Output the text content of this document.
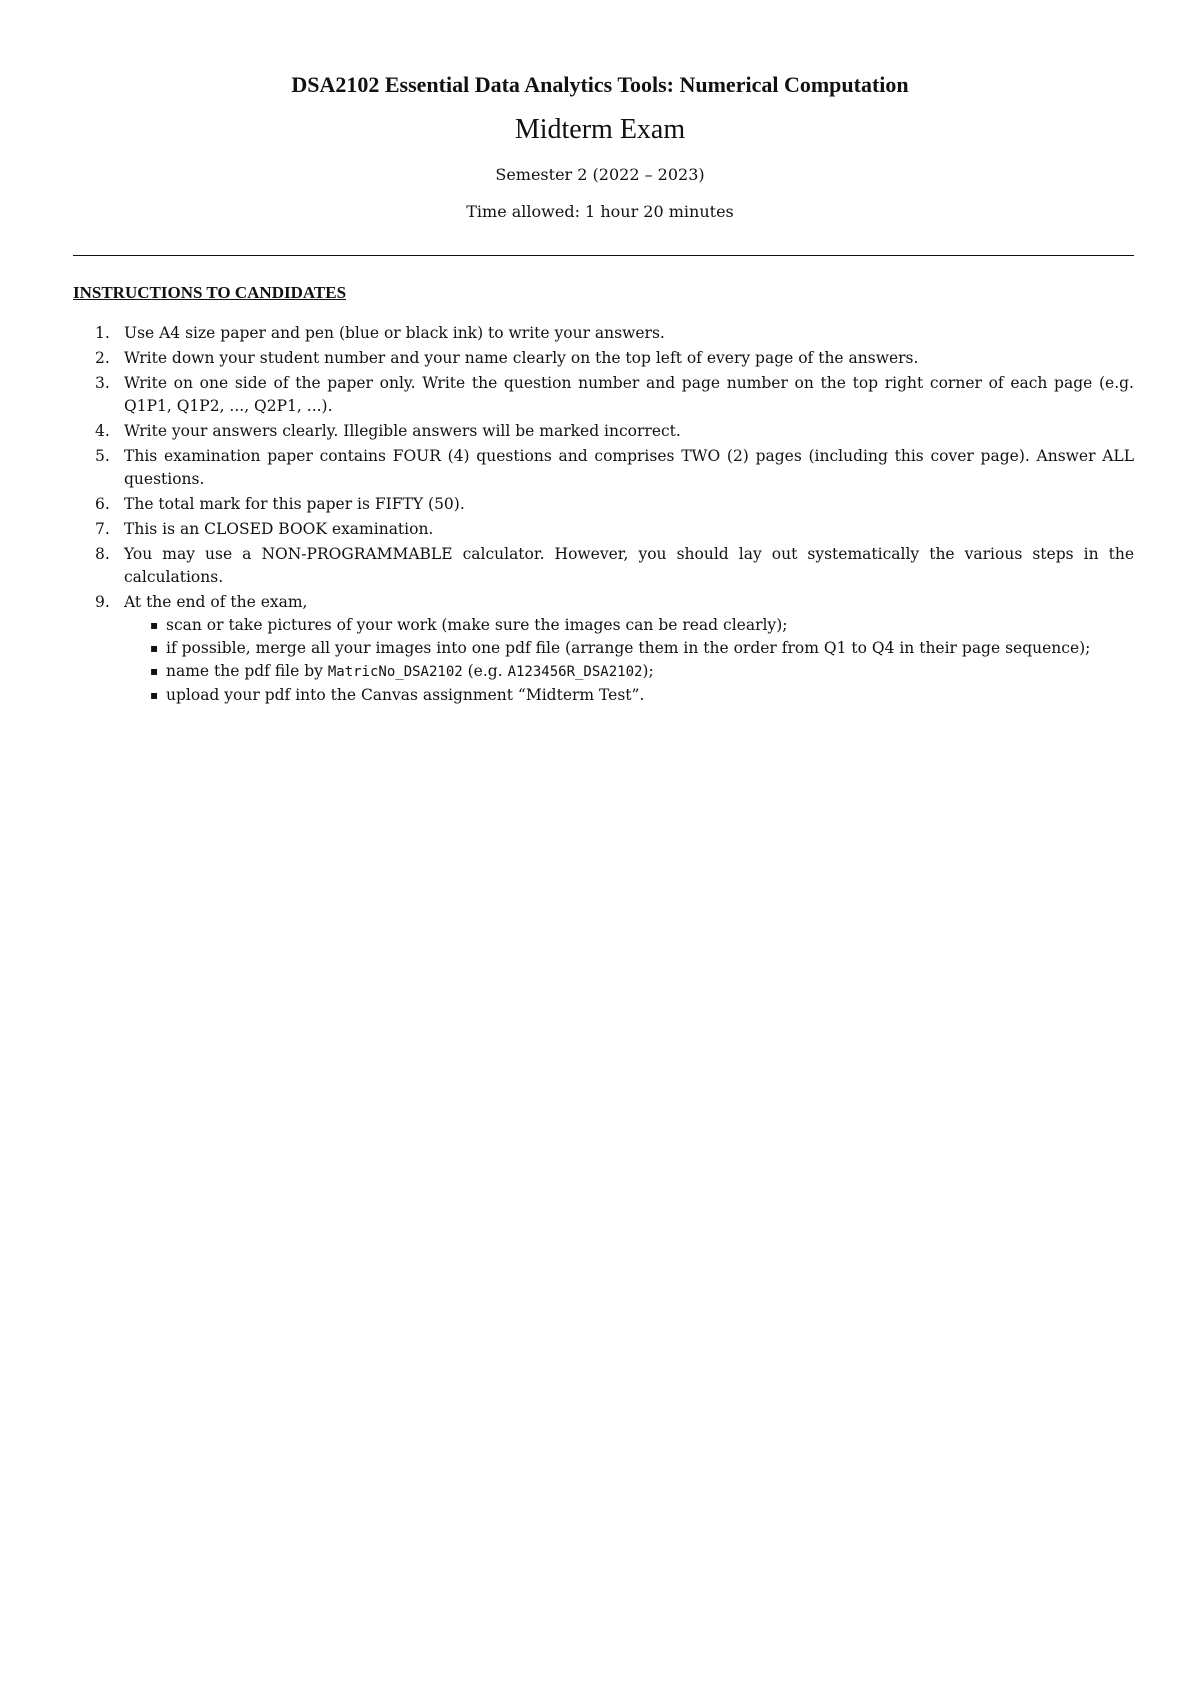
DSA2102 Essential Data Analytics Tools: Numerical Computation
Midterm Exam
Semester 2 (2022 – 2023)
Time allowed: 1 hour 20 minutes
INSTRUCTIONS TO CANDIDATES
1. Use A4 size paper and pen (blue or black ink) to write your answers.
2. Write down your student number and your name clearly on the top left of every page of the answers.
3. Write on one side of the paper only. Write the question number and page number on the top right corner of each page (e.g. Q1P1, Q1P2, ..., Q2P1, ...).
4. Write your answers clearly. Illegible answers will be marked incorrect.
5. This examination paper contains FOUR (4) questions and comprises TWO (2) pages (including this cover page). Answer ALL questions.
6. The total mark for this paper is FIFTY (50).
7. This is an CLOSED BOOK examination.
8. You may use a NON-PROGRAMMABLE calculator. However, you should lay out systematically the various steps in the calculations.
9. At the end of the exam,
▪ scan or take pictures of your work (make sure the images can be read clearly);
▪ if possible, merge all your images into one pdf file (arrange them in the order from Q1 to Q4 in their page sequence);
▪ name the pdf file by MatricNo_DSA2102 (e.g. A123456R_DSA2102);
▪ upload your pdf into the Canvas assignment “Midterm Test”.
